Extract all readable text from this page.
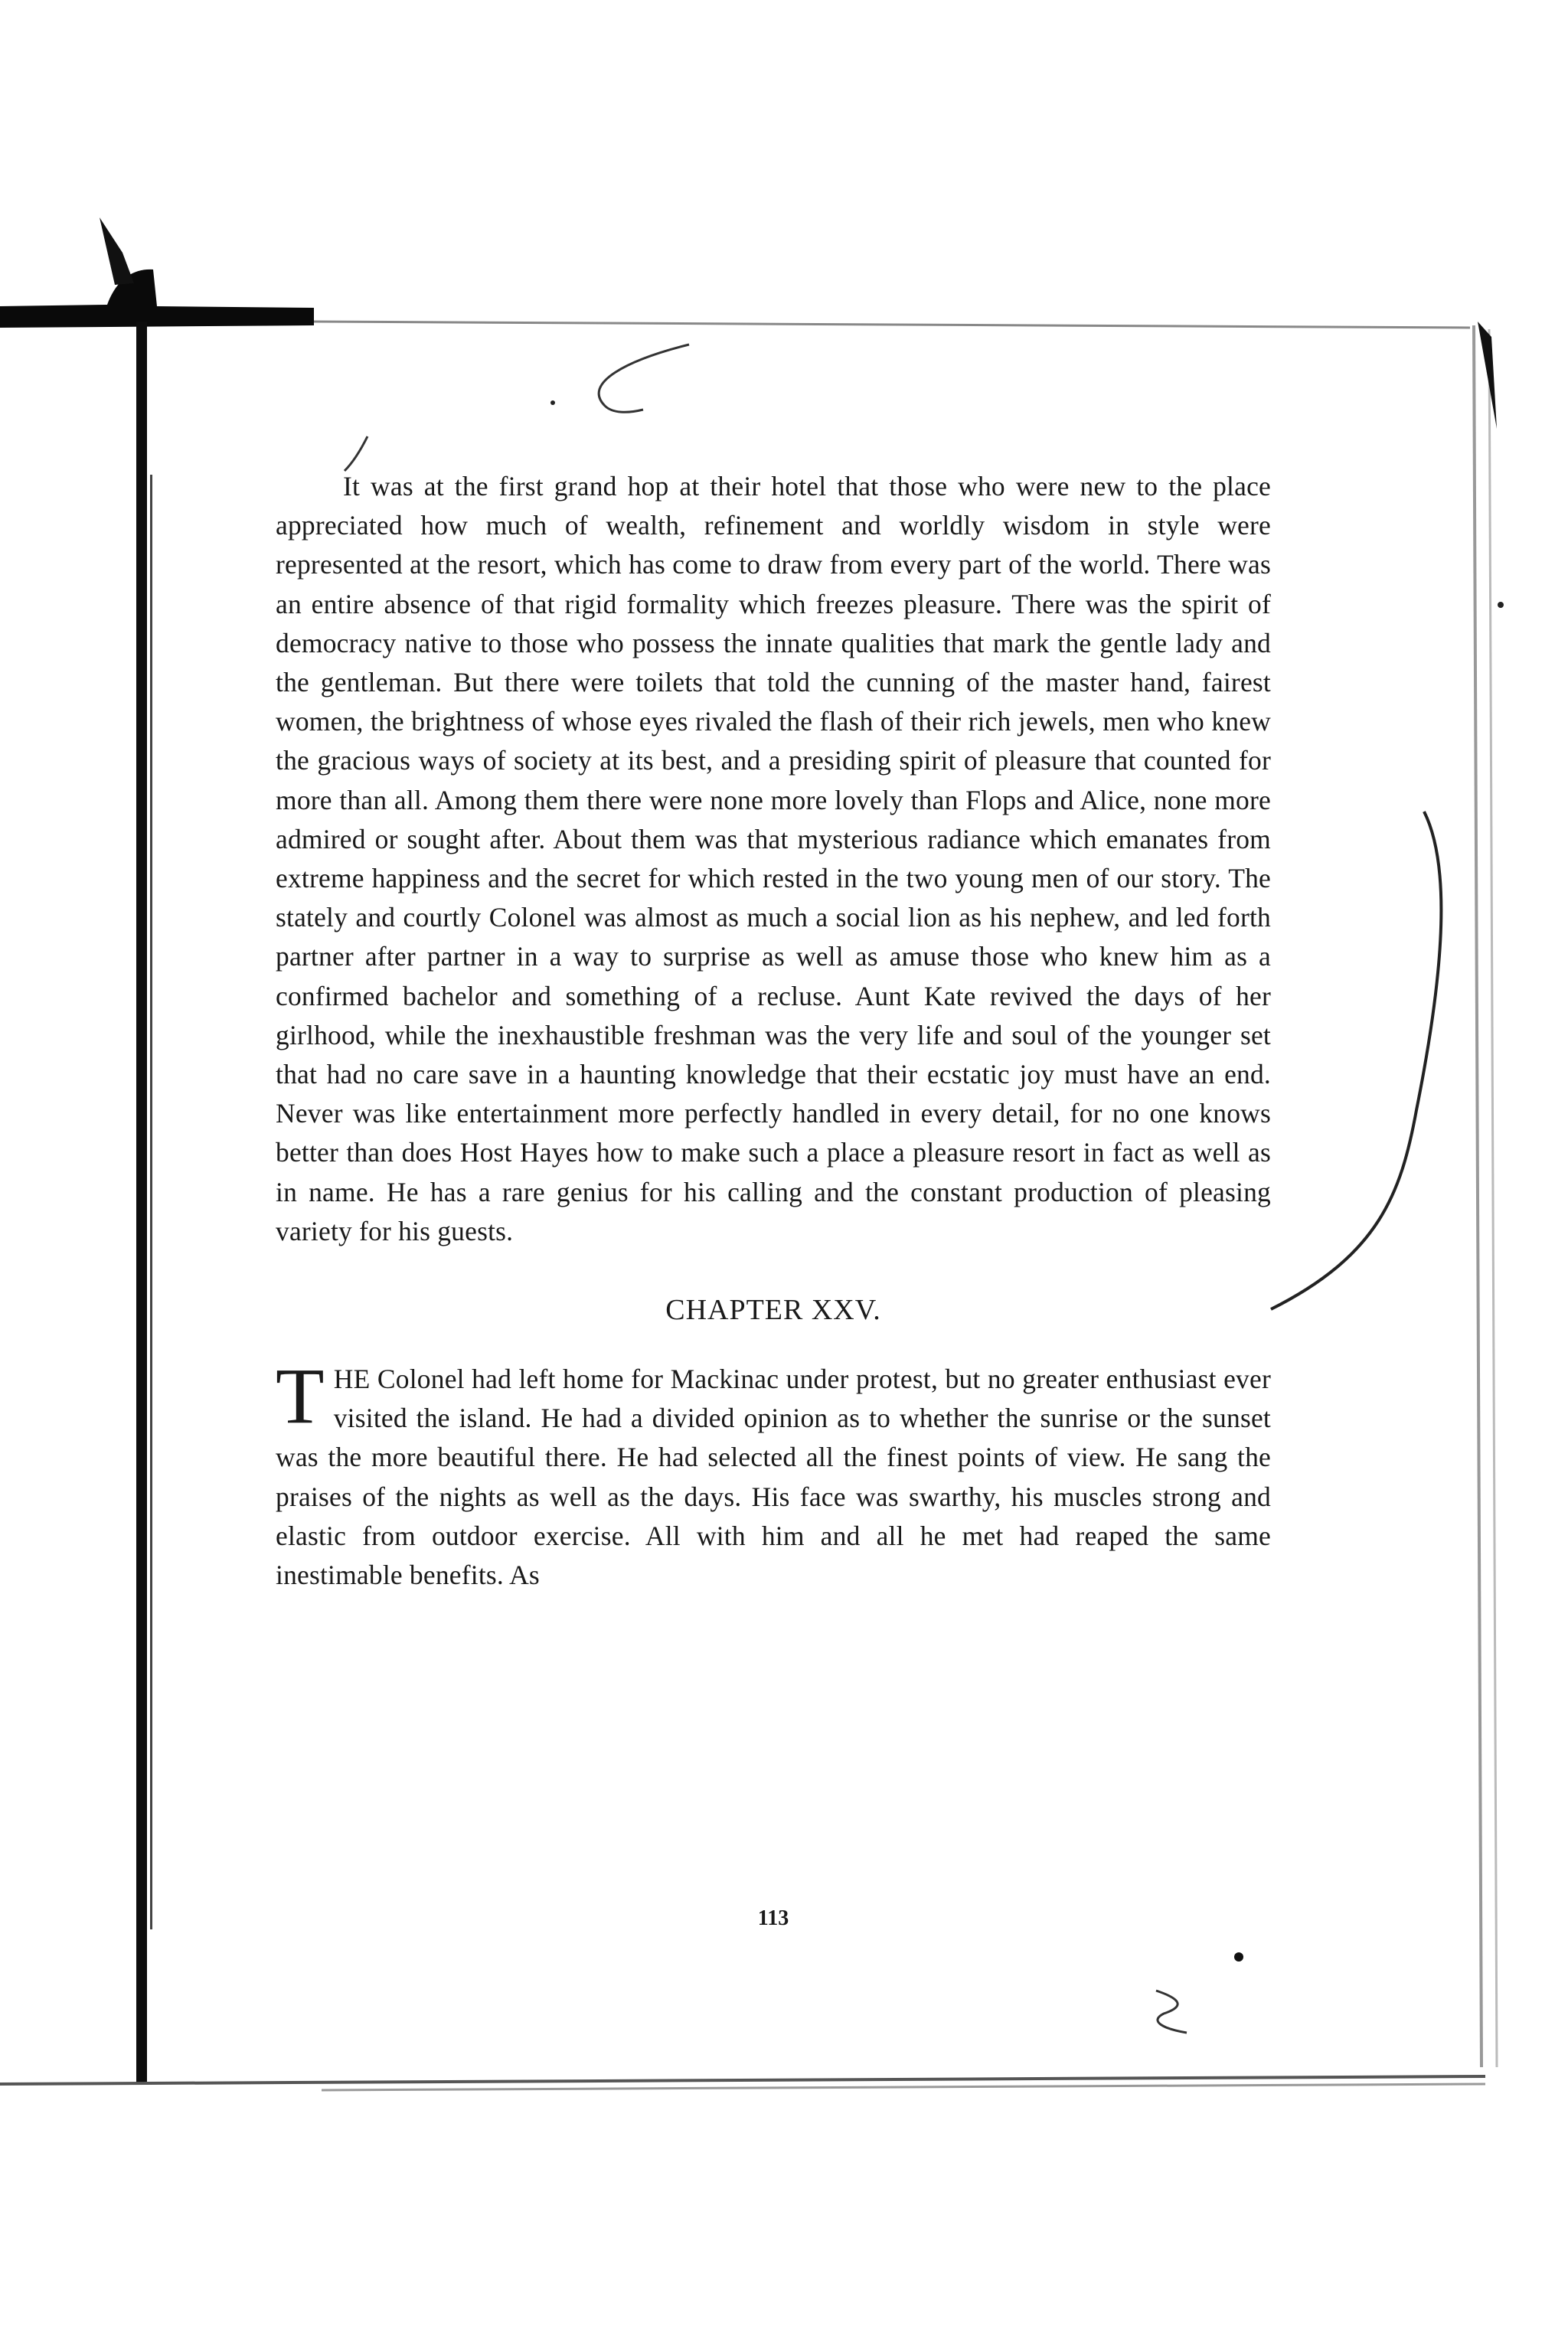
It was at the first grand hop at their hotel that those who were new to the place appreciated how much of wealth, refinement and worldly wisdom in style were represented at the resort, which has come to draw from every part of the world. There was an entire absence of that rigid formality which freezes pleasure. There was the spirit of democracy native to those who possess the innate qualities that mark the gentle lady and the gentleman. But there were toilets that told the cunning of the master hand, fairest women, the brightness of whose eyes rivaled the flash of their rich jewels, men who knew the gracious ways of society at its best, and a presiding spirit of pleasure that counted for more than all. Among them there were none more lovely than Flops and Alice, none more admired or sought after. About them was that mysterious radiance which emanates from extreme happiness and the secret for which rested in the two young men of our story. The stately and courtly Colonel was almost as much a social lion as his nephew, and led forth partner after partner in a way to surprise as well as amuse those who knew him as a confirmed bachelor and something of a recluse. Aunt Kate revived the days of her girlhood, while the inexhaustible freshman was the very life and soul of the younger set that had no care save in a haunting knowledge that their ecstatic joy must have an end. Never was like entertainment more perfectly handled in every detail, for no one knows better than does Host Hayes how to make such a place a pleasure resort in fact as well as in name. He has a rare genius for his calling and the constant production of pleasing variety for his guests.

CHAPTER XXV.

THE Colonel had left home for Mackinac under protest, but no greater enthusiast ever visited the island. He had a divided opinion as to whether the sunrise or the sunset was the more beautiful there. He had selected all the finest points of view. He sang the praises of the nights as well as the days. His face was swarthy, his muscles strong and elastic from outdoor exercise. All with him and all he met had reaped the same inestimable benefits. As

113
